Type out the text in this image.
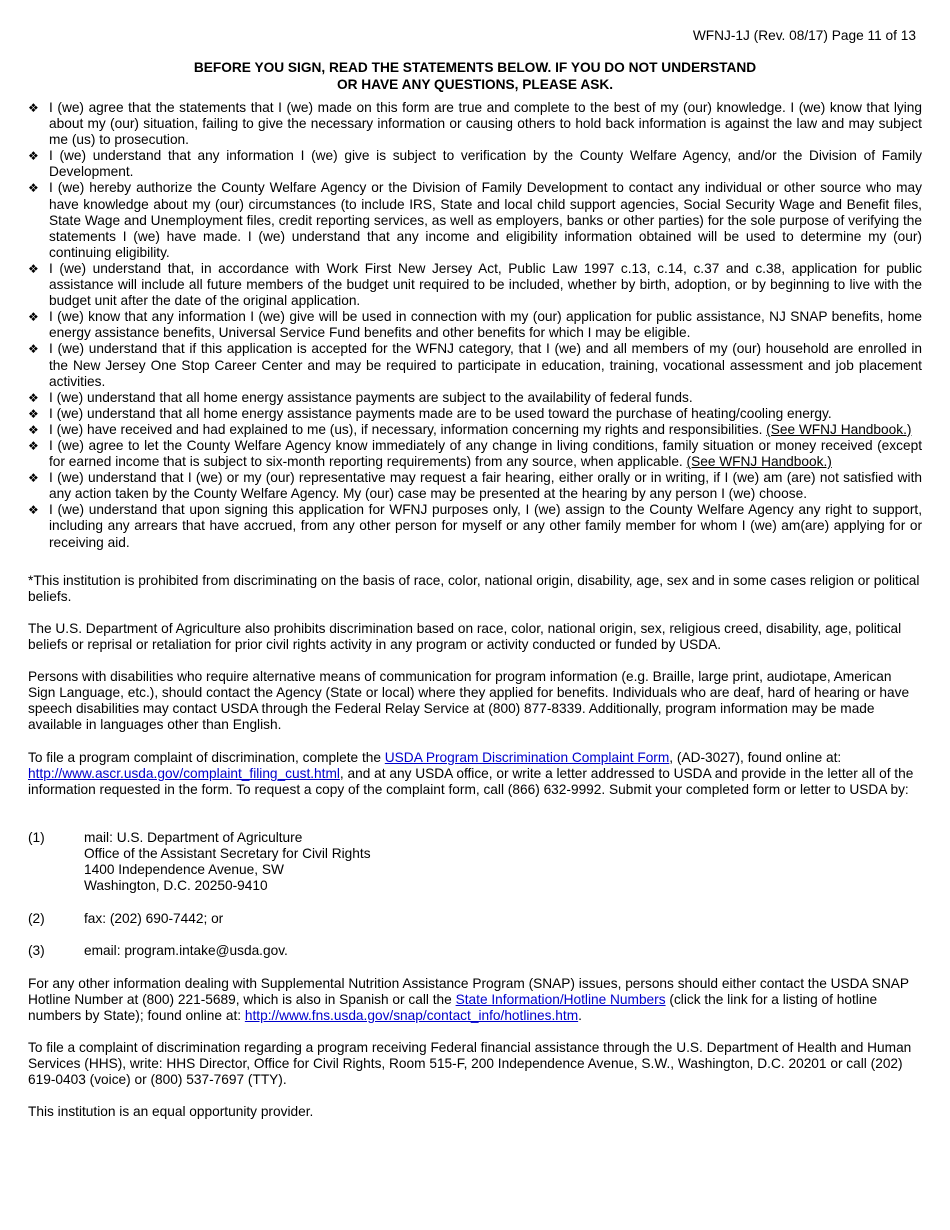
WFNJ-1J (Rev. 08/17) Page 11 of 13
BEFORE YOU SIGN, READ THE STATEMENTS BELOW. IF YOU DO NOT UNDERSTAND
OR HAVE ANY QUESTIONS, PLEASE ASK.
❖ I (we) agree that the statements that I (we) made on this form are true and complete to the best of my (our) knowledge. I (we) know that lying about my (our) situation, failing to give the necessary information or causing others to hold back information is against the law and may subject me (us) to prosecution.
❖ I (we) understand that any information I (we) give is subject to verification by the County Welfare Agency, and/or the Division of Family Development.
❖ I (we) hereby authorize the County Welfare Agency or the Division of Family Development to contact any individual or other source who may have knowledge about my (our) circumstances (to include IRS, State and local child support agencies, Social Security Wage and Benefit files, State Wage and Unemployment files, credit reporting services, as well as employers, banks or other parties) for the sole purpose of verifying the statements I (we) have made. I (we) understand that any income and eligibility information obtained will be used to determine my (our) continuing eligibility.
❖ I (we) understand that, in accordance with Work First New Jersey Act, Public Law 1997 c.13, c.14, c.37 and c.38, application for public assistance will include all future members of the budget unit required to be included, whether by birth, adoption, or by beginning to live with the budget unit after the date of the original application.
❖ I (we) know that any information I (we) give will be used in connection with my (our) application for public assistance, NJ SNAP benefits, home energy assistance benefits, Universal Service Fund benefits and other benefits for which I may be eligible.
❖ I (we) understand that if this application is accepted for the WFNJ category, that I (we) and all members of my (our) household are enrolled in the New Jersey One Stop Career Center and may be required to participate in education, training, vocational assessment and job placement activities.
❖ I (we) understand that all home energy assistance payments are subject to the availability of federal funds.
❖ I (we) understand that all home energy assistance payments made are to be used toward the purchase of heating/cooling energy.
❖ I (we) have received and had explained to me (us), if necessary, information concerning my rights and responsibilities. (See WFNJ Handbook.)
❖ I (we) agree to let the County Welfare Agency know immediately of any change in living conditions, family situation or money received (except for earned income that is subject to six-month reporting requirements) from any source, when applicable. (See WFNJ Handbook.)
❖ I (we) understand that I (we) or my (our) representative may request a fair hearing, either orally or in writing, if I (we) am (are) not satisfied with any action taken by the County Welfare Agency. My (our) case may be presented at the hearing by any person I (we) choose.
❖ I (we) understand that upon signing this application for WFNJ purposes only, I (we) assign to the County Welfare Agency any right to support, including any arrears that have accrued, from any other person for myself or any other family member for whom I (we) am(are) applying for or receiving aid.

*This institution is prohibited from discriminating on the basis of race, color, national origin, disability, age, sex and in some cases religion or political beliefs.

The U.S. Department of Agriculture also prohibits discrimination based on race, color, national origin, sex, religious creed, disability, age, political beliefs or reprisal or retaliation for prior civil rights activity in any program or activity conducted or funded by USDA.

Persons with disabilities who require alternative means of communication for program information (e.g. Braille, large print, audiotape, American Sign Language, etc.), should contact the Agency (State or local) where they applied for benefits. Individuals who are deaf, hard of hearing or have speech disabilities may contact USDA through the Federal Relay Service at (800) 877-8339. Additionally, program information may be made available in languages other than English.

To file a program complaint of discrimination, complete the USDA Program Discrimination Complaint Form, (AD-3027), found online at: http://www.ascr.usda.gov/complaint_filing_cust.html, and at any USDA office, or write a letter addressed to USDA and provide in the letter all of the information requested in the form. To request a copy of the complaint form, call (866) 632-9992. Submit your completed form or letter to USDA by:

(1)	mail: U.S. Department of Agriculture
Office of the Assistant Secretary for Civil Rights
1400 Independence Avenue, SW
Washington, D.C. 20250-9410
(2)	fax: (202) 690-7442; or
(3)	email: program.intake@usda.gov.

For any other information dealing with Supplemental Nutrition Assistance Program (SNAP) issues, persons should either contact the USDA SNAP Hotline Number at (800) 221-5689, which is also in Spanish or call the State Information/Hotline Numbers (click the link for a listing of hotline numbers by State); found online at: http://www.fns.usda.gov/snap/contact_info/hotlines.htm.

To file a complaint of discrimination regarding a program receiving Federal financial assistance through the U.S. Department of Health and Human Services (HHS), write: HHS Director, Office for Civil Rights, Room 515-F, 200 Independence Avenue, S.W., Washington, D.C. 20201 or call (202) 619-0403 (voice) or (800) 537-7697 (TTY).

This institution is an equal opportunity provider.
